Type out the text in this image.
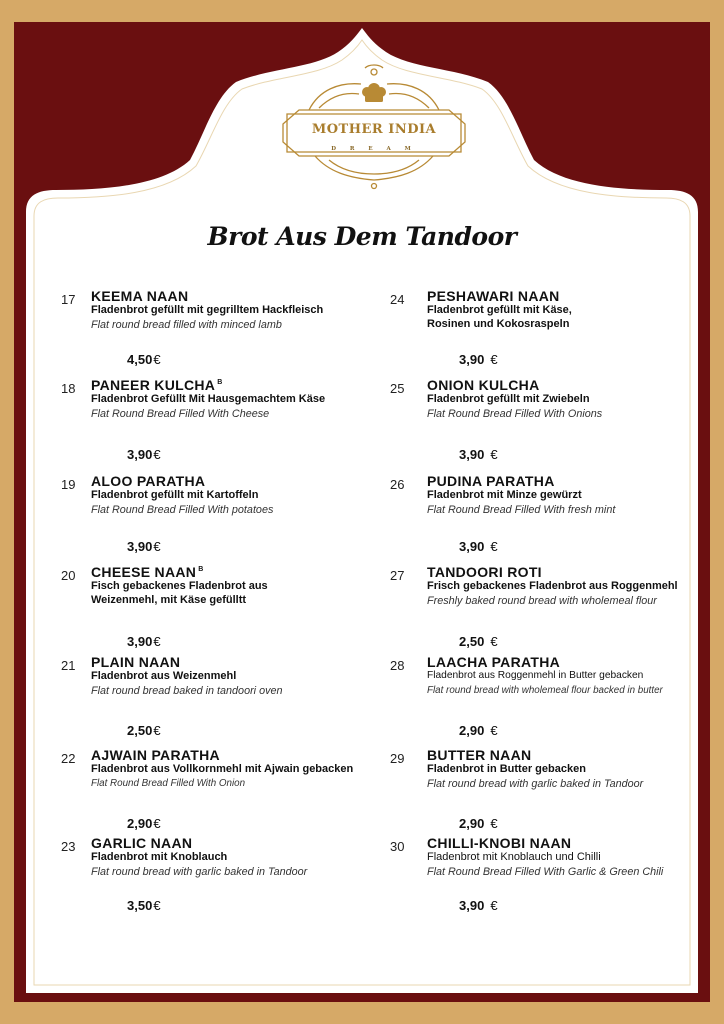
MOTHER INDIA
D R E A M
Brot Aus Dem Tandoor
17 KEEMA NAAN
Fladenbrot gefüllt mit gegrilltem Hackfleisch
Flat round bread filled with minced lamb
4,50€
18 PANEER KULCHA $^B$
Fladenbrot Gefüllt Mit Hausgemachtem Käse
Flat Round Bread Filled With Cheese
3,90€
19 ALOO PARATHA
Fladenbrot gefüllt mit Kartoffeln
Flat Round Bread Filled With potatoes
3,90€
20 CHEESE NAAN $^B$
Fisch gebackenes Fladenbrot aus
Weizenmehl, mit Käse gefülltt
3,90€
21 PLAIN NAAN
Fladenbrot aus Weizenmehl
Flat round bread baked in tandoori oven
2,50€
22 AJWAIN PARATHA
Fladenbrot aus Vollkornmehl mit Ajwain gebacken
Flat Round Bread Filled With Onion
2,90€
23 GARLIC NAAN
Fladenbrot mit Knoblauch
Flat round bread with garlic baked in Tandoor
3,50€
24 PESHAWARI NAAN
Fladenbrot gefüllt mit Käse,
Rosinen und Kokosraspeln
3,90 €
25 ONION KULCHA
Fladenbrot gefüllt mit Zwiebeln
Flat Round Bread Filled With Onions
3,90 €
26 PUDINA PARATHA
Fladenbrot mit Minze gewürzt
Flat Round Bread Filled With fresh mint
3,90 €
27 TANDOORI ROTI
Frisch gebackenes Fladenbrot aus Roggenmehl
Freshly baked round bread with wholemeal flour
2,50 €
28 LAACHA PARATHA
Fladenbrot aus Roggenmehl in Butter gebacken
Flat round bread with wholemeal flour backed in butter
2,90 €
29 BUTTER NAAN
Fladenbrot in Butter gebacken
Flat round bread with garlic baked in Tandoor
2,90 €
30 CHILLI-KNOBI NAAN
Fladenbrot mit Knoblauch und Chilli
Flat Round Bread Filled With Garlic & Green Chili
3,90 €
